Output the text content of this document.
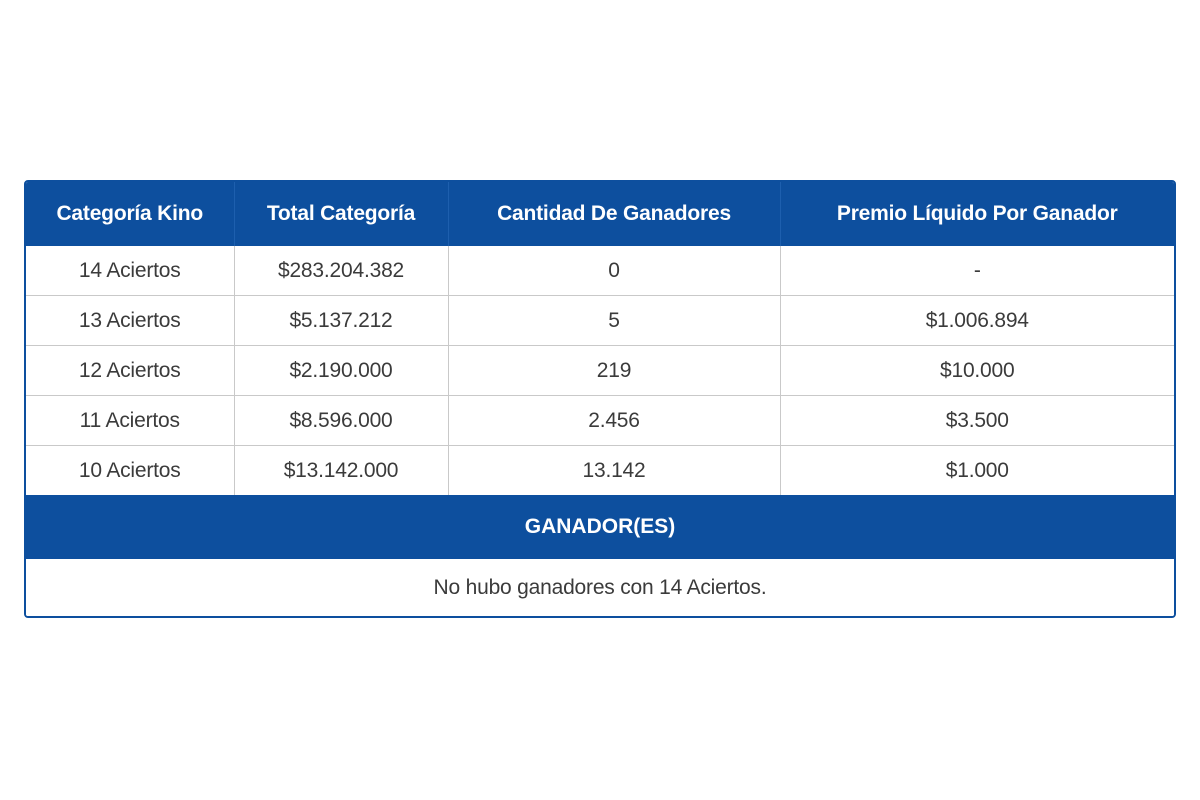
Categoría Kino	Total Categoría	Cantidad De Ganadores	Premio Líquido Por Ganador
14 Aciertos	$283.204.382	0	-
13 Aciertos	$5.137.212	5	$1.006.894
12 Aciertos	$2.190.000	219	$10.000
11 Aciertos	$8.596.000	2.456	$3.500
10 Aciertos	$13.142.000	13.142	$1.000
GANADOR(ES)
No hubo ganadores con 14 Aciertos.
